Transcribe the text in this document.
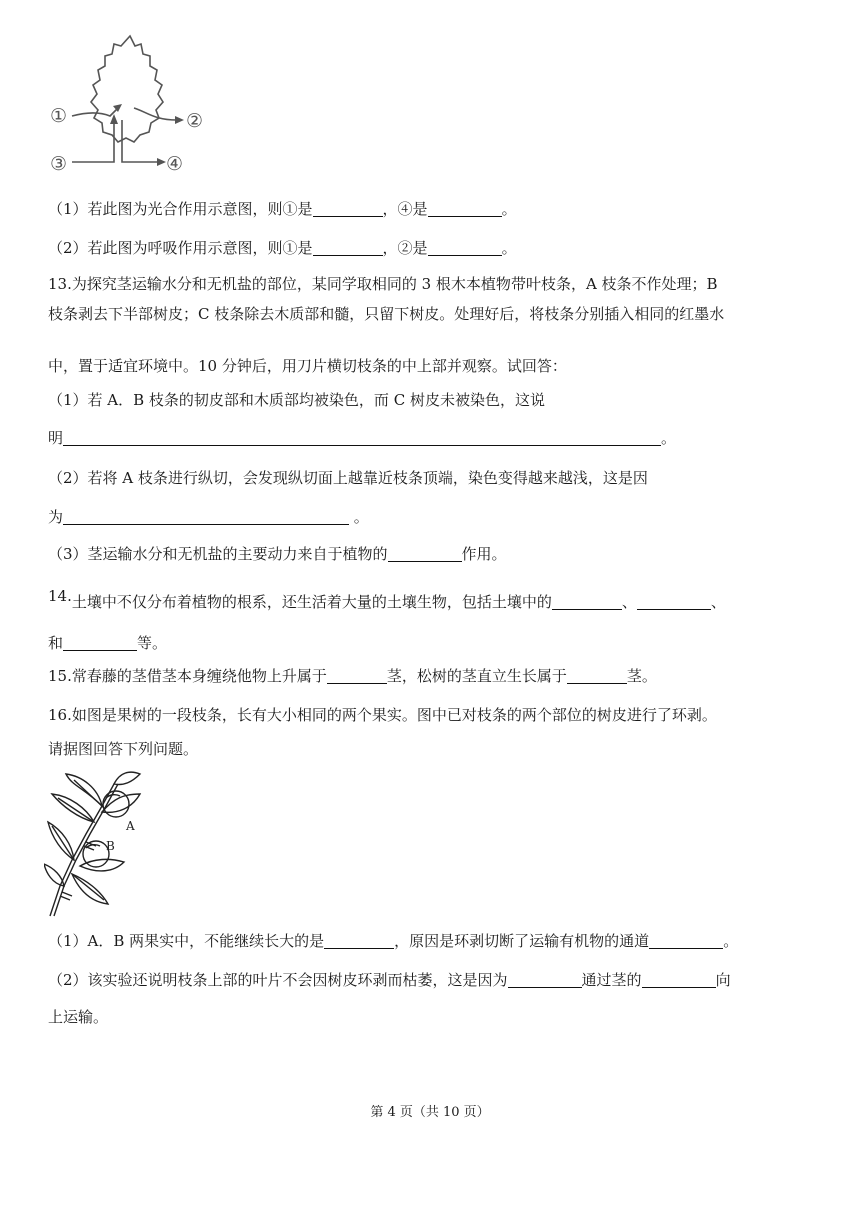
①	②
③	④
（1）若此图为光合作用示意图，则①是	，④是	。
（2）若此图为呼吸作用示意图，则①是	，②是	。
13.为探究茎运输水分和无机盐的部位，某同学取相同的 3 根木本植物带叶枝条，A 枝条不作处理；B
枝条剥去下半部树皮；C 枝条除去木质部和髓，只留下树皮。处理好后，将枝条分别插入相同的红墨水
中，置于适宜环境中。10 分钟后，用刀片横切枝条的中上部并观察。试回答：
（1）若 A．B 枝条的韧皮部和木质部均被染色，而 C 树皮未被染色，这说
明	。
（2）若将 A 枝条进行纵切，会发现纵切面上越靠近枝条顶端，染色变得越来越浅，这是因
为	。
（3）茎运输水分和无机盐的主要动力来自于植物的	作用。
14.土壤中不仅分布着植物的根系，还生活着大量的土壤生物，包括土壤中的	、	、
和	等。
15.常春藤的茎借茎本身缠绕他物上升属于	茎，松树的茎直立生长属于	茎。
16.如图是果树的一段枝条，长有大小相同的两个果实。图中已对枝条的两个部位的树皮进行了环剥。
请据图回答下列问题。
A
B
（1）A．B 两果实中，不能继续长大的是	，原因是环剥切断了运输有机物的通道	。
（2）该实验还说明枝条上部的叶片不会因树皮环剥而枯萎，这是因为	通过茎的	向
上运输。
第 4 页（共 10 页）
